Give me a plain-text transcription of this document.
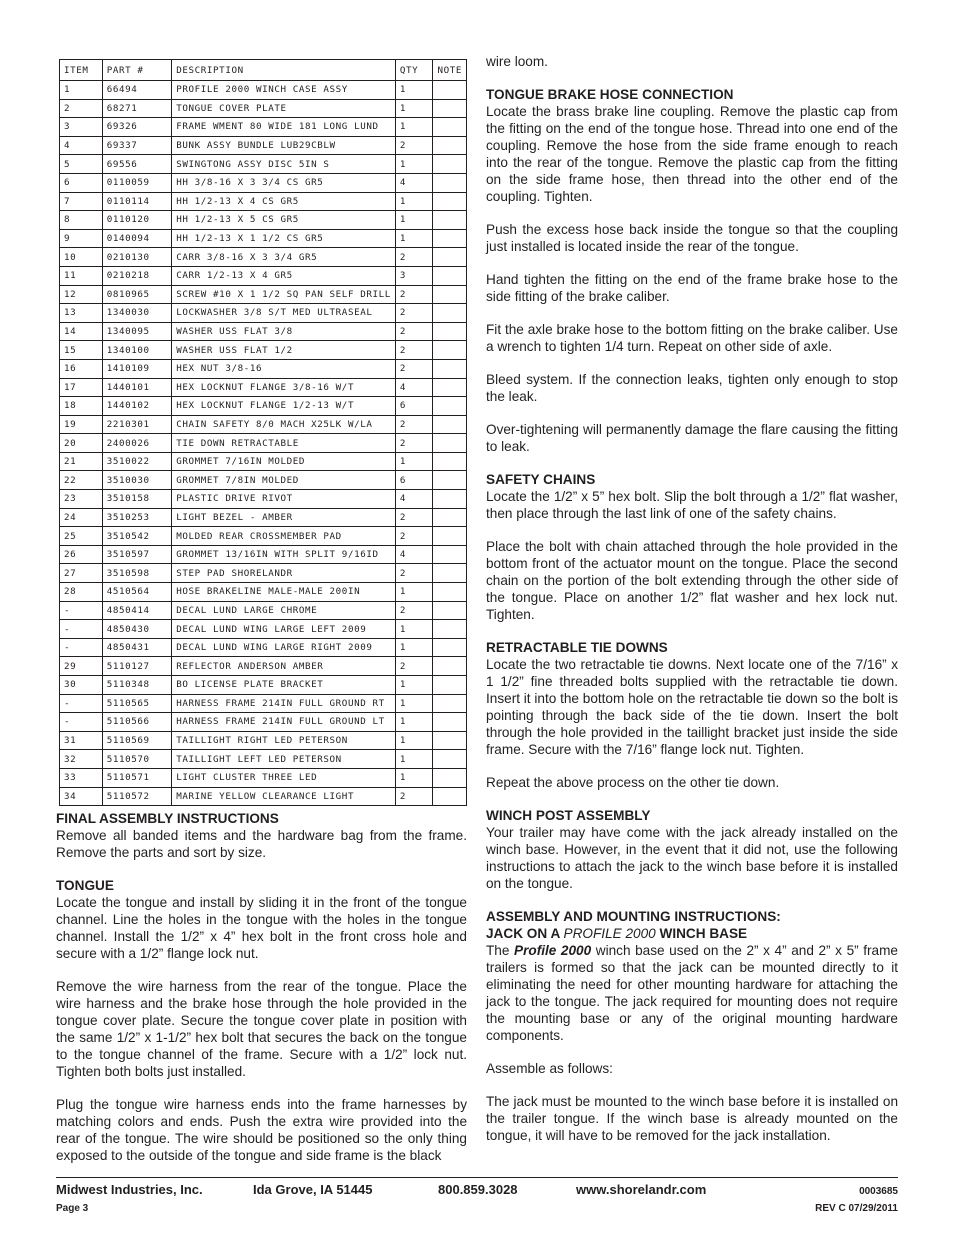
ITEM	PART #	DESCRIPTION	QTY	NOTE
1	66494	PROFILE 2000 WINCH CASE ASSY	1	
2	68271	TONGUE COVER PLATE	1	
3	69326	FRAME WMENT 80 WIDE 181 LONG LUND	1	
4	69337	BUNK ASSY BUNDLE LUB29CBLW	2	
5	69556	SWINGTONG ASSY DISC 5IN S	1	
6	0110059	HH 3/8-16 X 3 3/4 CS GR5	4	
7	0110114	HH 1/2-13 X 4 CS GR5	1	
8	0110120	HH 1/2-13 X 5 CS GR5	1	
9	0140094	HH 1/2-13 X 1 1/2 CS GR5	1	
10	0210130	CARR 3/8-16 X 3 3/4 GR5	2	
11	0210218	CARR 1/2-13 X 4 GR5	3	
12	0810965	SCREW #10 X 1 1/2 SQ PAN SELF DRILL	2	
13	1340030	LOCKWASHER 3/8 S/T MED ULTRASEAL	2	
14	1340095	WASHER USS FLAT 3/8	2	
15	1340100	WASHER USS FLAT 1/2	2	
16	1410109	HEX NUT 3/8-16	2	
17	1440101	HEX LOCKNUT FLANGE 3/8-16 W/T	4	
18	1440102	HEX LOCKNUT FLANGE 1/2-13 W/T	6	
19	2210301	CHAIN SAFETY 8/0 MACH X25LK W/LA	2	
20	2400026	TIE DOWN RETRACTABLE	2	
21	3510022	GROMMET 7/16IN MOLDED	1	
22	3510030	GROMMET 7/8IN MOLDED	6	
23	3510158	PLASTIC DRIVE RIVOT	4	
24	3510253	LIGHT BEZEL - AMBER	2	
25	3510542	MOLDED REAR CROSSMEMBER PAD	2	
26	3510597	GROMMET 13/16IN WITH SPLIT 9/16ID	4	
27	3510598	STEP PAD SHORELANDR	2	
28	4510564	HOSE BRAKELINE MALE-MALE 200IN	1	
-	4850414	DECAL LUND LARGE CHROME	2	
-	4850430	DECAL LUND WING LARGE LEFT 2009	1	
-	4850431	DECAL LUND WING LARGE RIGHT 2009	1	
29	5110127	REFLECTOR ANDERSON AMBER	2	
30	5110348	BO LICENSE PLATE BRACKET	1	
-	5110565	HARNESS FRAME 214IN FULL GROUND RT	1	
-	5110566	HARNESS FRAME 214IN FULL GROUND LT	1	
31	5110569	TAILLIGHT RIGHT LED PETERSON	1	
32	5110570	TAILLIGHT LEFT LED PETERSON	1	
33	5110571	LIGHT CLUSTER THREE LED	1	
34	5110572	MARINE YELLOW CLEARANCE LIGHT	2	
FINAL ASSEMBLY INSTRUCTIONS

Remove all banded items and the hardware bag from the frame. Remove the parts and sort by size.

TONGUE

Locate the tongue and install by sliding it in the front of the tongue channel. Line the holes in the tongue with the holes in the tongue channel. Install the 1/2” x 4” hex bolt in the front cross hole and secure with a 1/2” flange lock nut.

Remove the wire harness from the rear of the tongue. Place the wire harness and the brake hose through the hole provided in the tongue cover plate. Secure the tongue cover plate in position with the same 1/2” x 1-1/2” hex bolt that secures the back on the tongue to the tongue channel of the frame. Secure with a 1/2” lock nut. Tighten both bolts just installed.

Plug the tongue wire harness ends into the frame harnesses by matching colors and ends. Push the extra wire provided into the rear of the tongue. The wire should be positioned so the only thing exposed to the outside of the tongue and side frame is the black

wire loom.

TONGUE BRAKE HOSE CONNECTION

Locate the brass brake line coupling. Remove the plastic cap from the fitting on the end of the tongue hose. Thread into one end of the coupling. Remove the hose from the side frame enough to reach into the rear of the tongue. Remove the plastic cap from the fitting on the side frame hose, then thread into the other end of the coupling. Tighten.

Push the excess hose back inside the tongue so that the coupling just installed is located inside the rear of the tongue.

Hand tighten the fitting on the end of the frame brake hose to the side fitting of the brake caliber.

Fit the axle brake hose to the bottom fitting on the brake caliber. Use a wrench to tighten 1/4 turn. Repeat on other side of axle.

Bleed system. If the connection leaks, tighten only enough to stop the leak.

Over-tightening will permanently damage the flare causing the fitting to leak.

SAFETY CHAINS

Locate the 1/2” x 5” hex bolt. Slip the bolt through a 1/2” flat washer, then place through the last link of one of the safety chains.

Place the bolt with chain attached through the hole provided in the bottom front of the actuator mount on the tongue. Place the second chain on the portion of the bolt extending through the other side of the tongue. Place on another 1/2” flat washer and hex lock nut. Tighten.

RETRACTABLE TIE DOWNS

Locate the two retractable tie downs. Next locate one of the 7/16” x 1 1/2” fine threaded bolts supplied with the retractable tie down. Insert it into the bottom hole on the retractable tie down so the bolt is pointing through the back side of the tie down. Insert the bolt through the hole provided in the taillight bracket just inside the side frame. Secure with the 7/16” flange lock nut. Tighten.

Repeat the above process on the other tie down.

WINCH POST ASSEMBLY

Your trailer may have come with the jack already installed on the winch base. However, in the event that it did not, use the following instructions to attach the jack to the winch base before it is installed on the tongue.

ASSEMBLY AND MOUNTING INSTRUCTIONS:
JACK ON A PROFILE 2000 WINCH BASE

The Profile 2000 winch base used on the 2” x 4” and 2” x 5” frame trailers is formed so that the jack can be mounted directly to it eliminating the need for other mounting hardware for attaching the jack to the tongue. The jack required for mounting does not require the mounting base or any of the original mounting hardware components.

Assemble as follows:

The jack must be mounted to the winch base before it is installed on the trailer tongue. If the winch base is already mounted on the tongue, it will have to be removed for the jack installation.

Midwest Industries, Inc.	Ida Grove, IA 51445	800.859.3028	www.shorelandr.com	0003685
Page 3	REV C 07/29/2011
